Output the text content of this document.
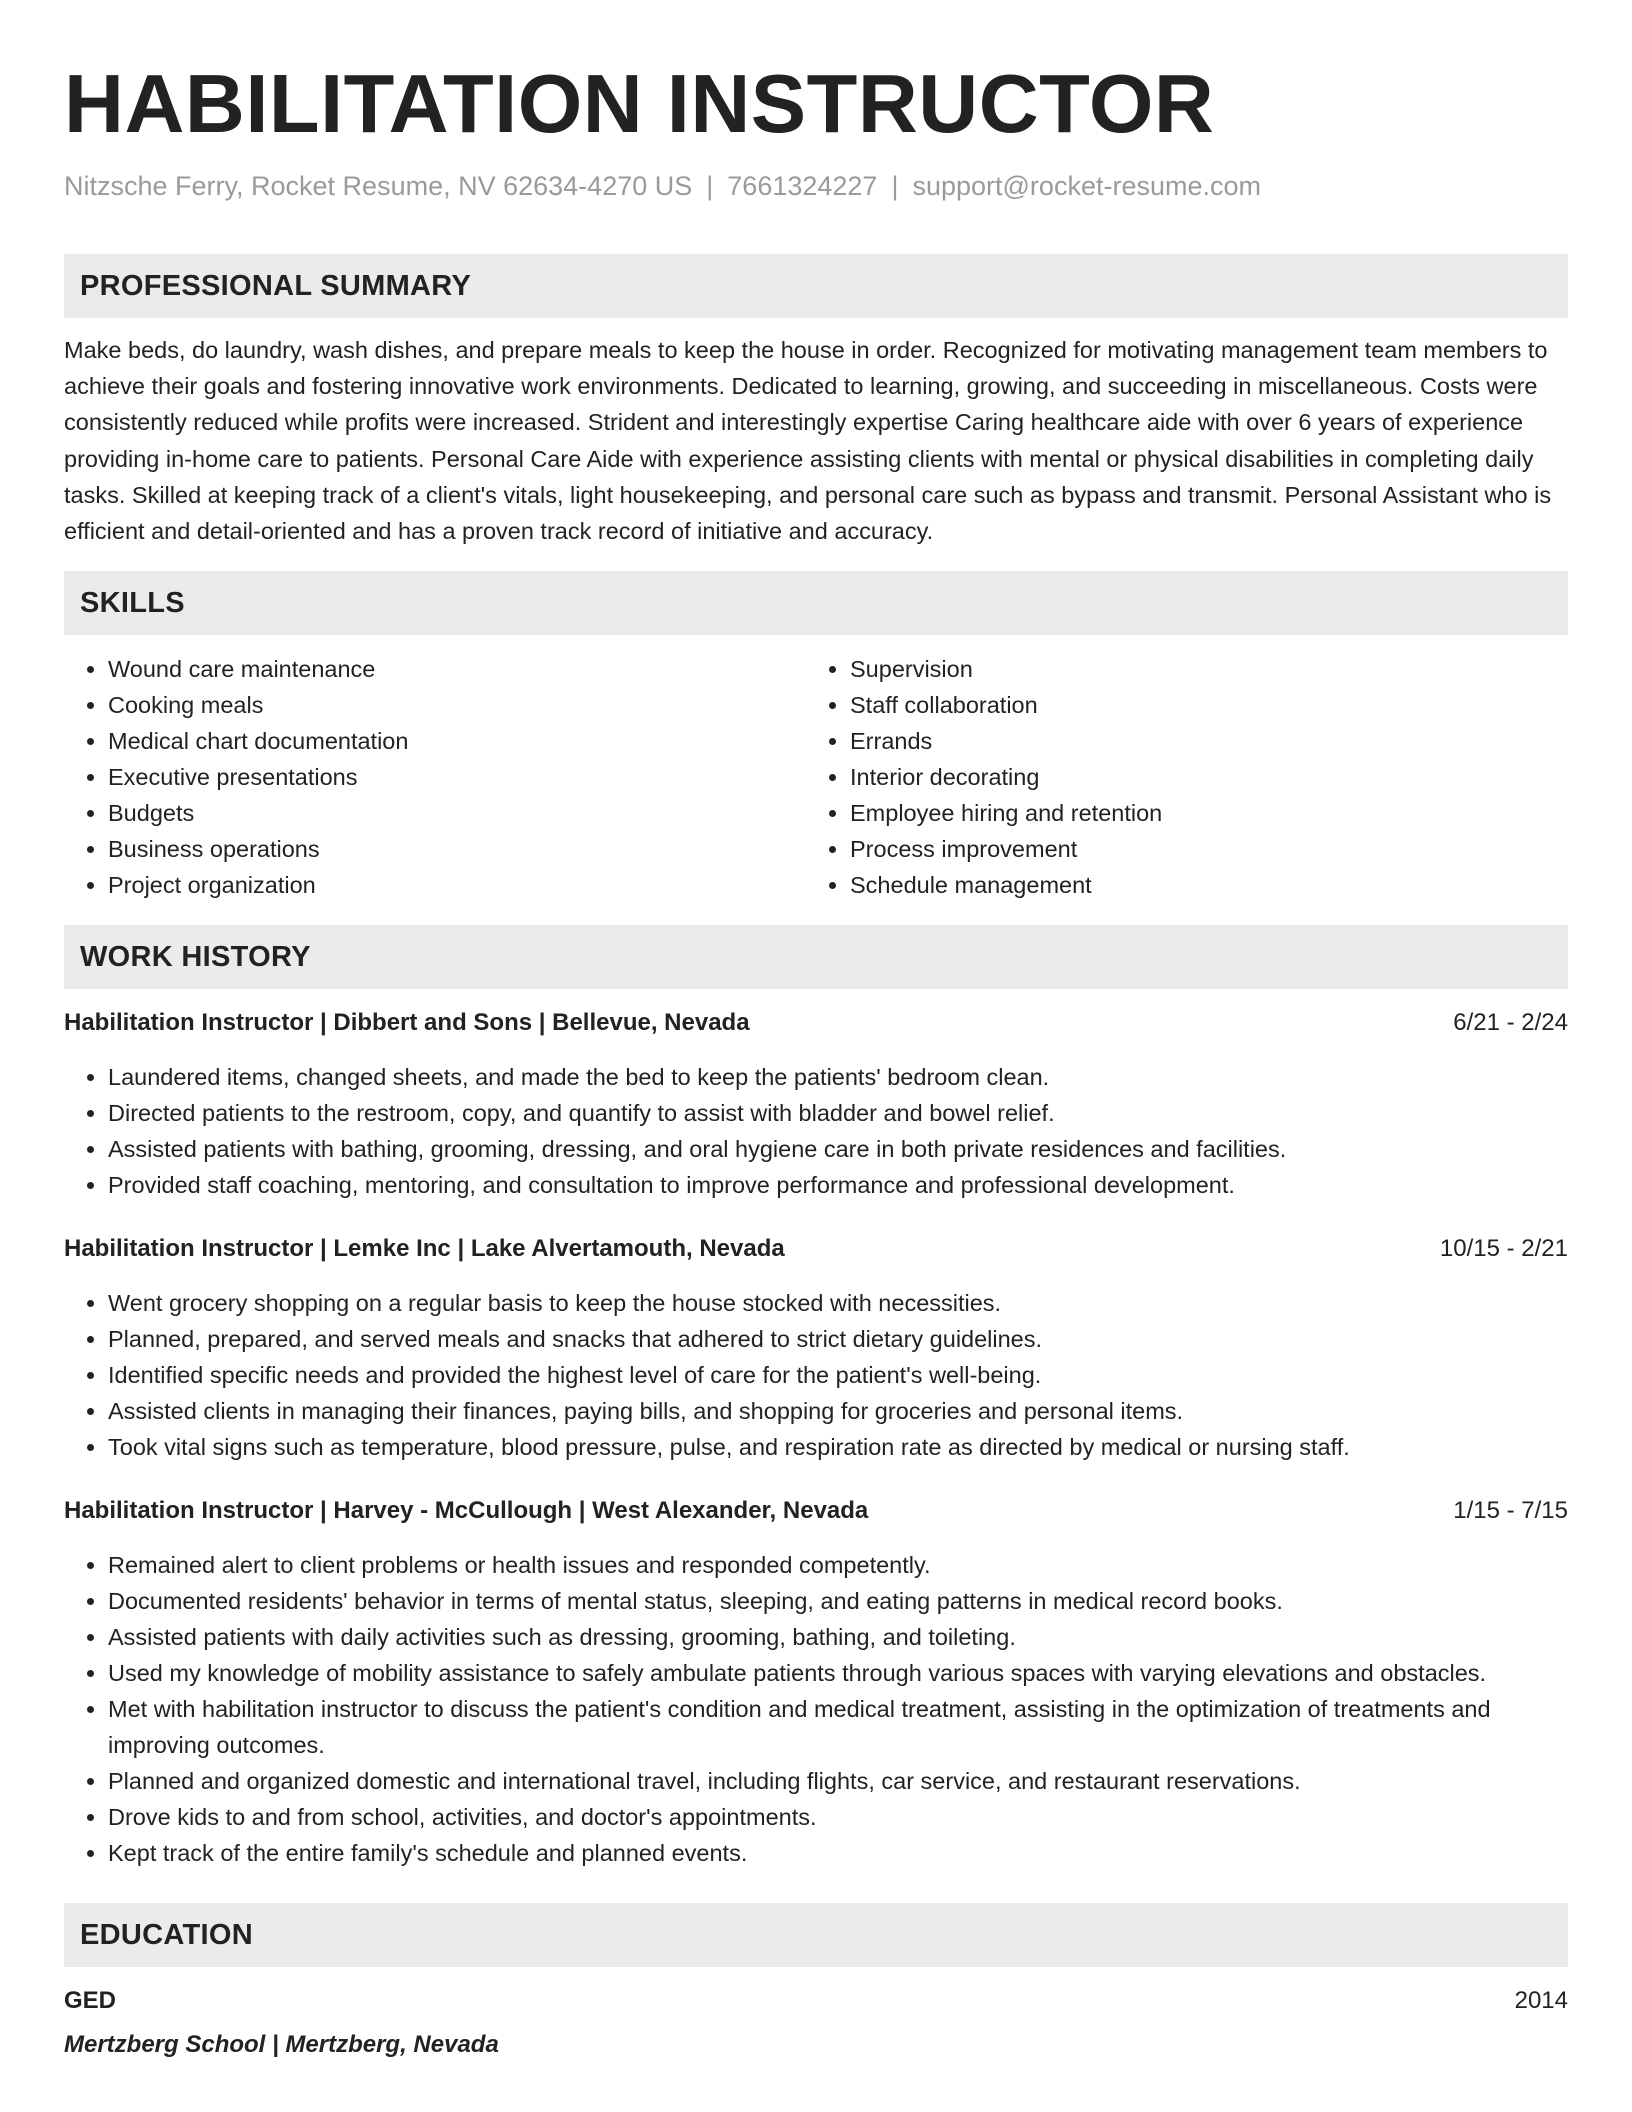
HABILITATION INSTRUCTOR
Nitzsche Ferry, Rocket Resume, NV 62634-4270 US | 7661324227 | support@rocket-resume.com
PROFESSIONAL SUMMARY
Make beds, do laundry, wash dishes, and prepare meals to keep the house in order. Recognized for motivating management team members to achieve their goals and fostering innovative work environments. Dedicated to learning, growing, and succeeding in miscellaneous. Costs were consistently reduced while profits were increased. Strident and interestingly expertise Caring healthcare aide with over 6 years of experience providing in-home care to patients. Personal Care Aide with experience assisting clients with mental or physical disabilities in completing daily tasks. Skilled at keeping track of a client's vitals, light housekeeping, and personal care such as bypass and transmit. Personal Assistant who is efficient and detail-oriented and has a proven track record of initiative and accuracy.
SKILLS
• Wound care maintenance
• Cooking meals
• Medical chart documentation
• Executive presentations
• Budgets
• Business operations
• Project organization
• Supervision
• Staff collaboration
• Errands
• Interior decorating
• Employee hiring and retention
• Process improvement
• Schedule management
WORK HISTORY
Habilitation Instructor | Dibbert and Sons | Bellevue, Nevada	6/21 - 2/24
• Laundered items, changed sheets, and made the bed to keep the patients' bedroom clean.
• Directed patients to the restroom, copy, and quantify to assist with bladder and bowel relief.
• Assisted patients with bathing, grooming, dressing, and oral hygiene care in both private residences and facilities.
• Provided staff coaching, mentoring, and consultation to improve performance and professional development.
Habilitation Instructor | Lemke Inc | Lake Alvertamouth, Nevada	10/15 - 2/21
• Went grocery shopping on a regular basis to keep the house stocked with necessities.
• Planned, prepared, and served meals and snacks that adhered to strict dietary guidelines.
• Identified specific needs and provided the highest level of care for the patient's well-being.
• Assisted clients in managing their finances, paying bills, and shopping for groceries and personal items.
• Took vital signs such as temperature, blood pressure, pulse, and respiration rate as directed by medical or nursing staff.
Habilitation Instructor | Harvey - McCullough | West Alexander, Nevada	1/15 - 7/15
• Remained alert to client problems or health issues and responded competently.
• Documented residents' behavior in terms of mental status, sleeping, and eating patterns in medical record books.
• Assisted patients with daily activities such as dressing, grooming, bathing, and toileting.
• Used my knowledge of mobility assistance to safely ambulate patients through various spaces with varying elevations and obstacles.
• Met with habilitation instructor to discuss the patient's condition and medical treatment, assisting in the optimization of treatments and improving outcomes.
• Planned and organized domestic and international travel, including flights, car service, and restaurant reservations.
• Drove kids to and from school, activities, and doctor's appointments.
• Kept track of the entire family's schedule and planned events.
EDUCATION
GED	2014
Mertzberg School | Mertzberg, Nevada
